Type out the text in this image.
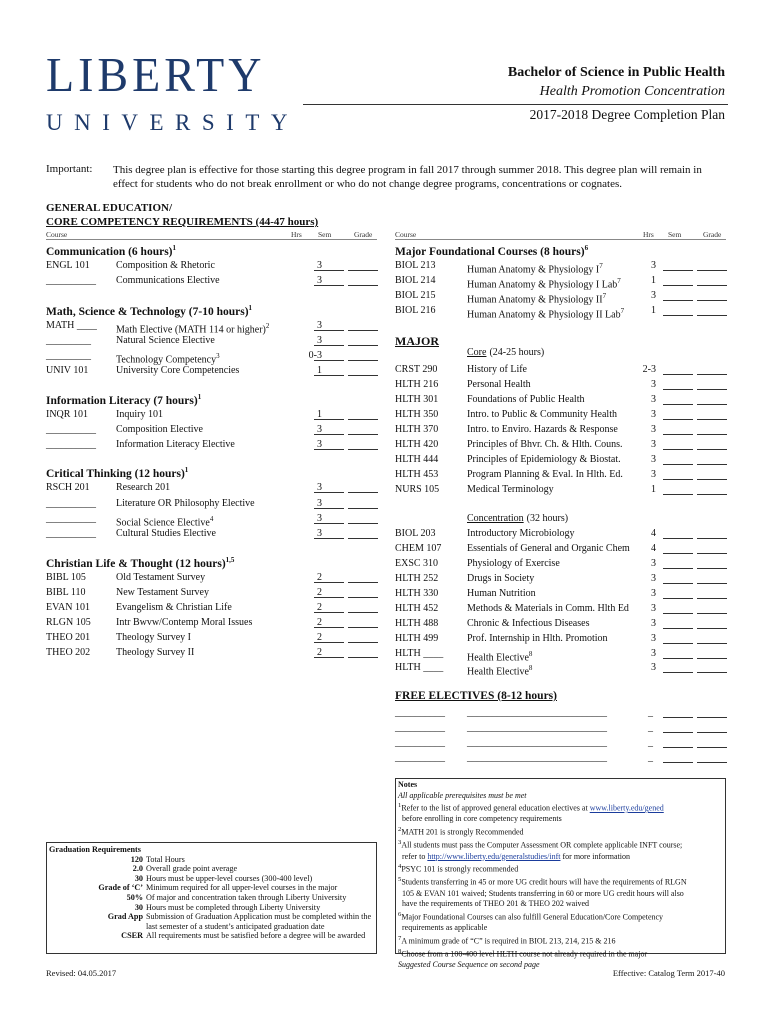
LIBERTY
UNIVERSITY
Bachelor of Science in Public Health
Health Promotion Concentration
2017-2018 Degree Completion Plan
Important: This degree plan is effective for those starting this degree program in fall 2017 through summer 2018. This degree plan will remain in effect for students who do not break enrollment or who do not change degree programs, concentrations or cognates.
GENERAL EDUCATION/
CORE COMPETENCY REQUIREMENTS (44-47 hours)
Course	Hrs Sem	Grade	Course	Hrs Sem	Grade
Communication (6 hours)$^1$
ENGL 101	Composition & Rhetoric	3
__________ Communications Elective	3
Math, Science & Technology (7-10 hours)$^1$
MATH ____ Math Elective (MATH 114 or higher)$^2$	3
_________	Natural Science Elective	3
_________	Technology Competency$^3$	0-3
UNIV 101	University Core Competencies	1
Information Literacy (7 hours)$^1$
INQR 101	Inquiry 101	1
__________ Composition Elective	3
__________ Information Literacy Elective	3
Critical Thinking (12 hours)$^1$
RSCH 201	Research 201	3
__________ Literature OR Philosophy Elective	3
__________ Social Science Elective$^4$	3
__________ Cultural Studies Elective	3
Christian Life & Thought (12 hours)$^{1,5}$
BIBL 105	Old Testament Survey	2
BIBL 110	New Testament Survey	2
EVAN 101	Evangelism & Christian Life	2
RLGN 105	Intr Bwvw/Contemp Moral Issues	2
THEO 201	Theology Survey I	2
THEO 202	Theology Survey II	2
Major Foundational Courses (8 hours)$^6$
BIOL 213	Human Anatomy & Physiology $I^7$	3
BIOL 214	Human Anatomy & Physiology I Lab$^7$	1
BIOL 215	Human Anatomy & Physiology $II^7$	3
BIOL 216	Human Anatomy & Physiology II Lab$^7$	1
MAJOR
Core (24-25 hours)
CRST 290	History of Life	2-3
HLTH 216	Personal Health	3
HLTH 301	Foundations of Public Health	3
HLTH 350	Intro. to Public & Community Health	3
HLTH 370	Intro. to Enviro. Hazards & Response	3
HLTH 420	Principles of Bhvr. Ch. & Hlth. Couns.	3
HLTH 444	Principles of Epidemiology & Biostat.	3
HLTH 453	Program Planning & Eval. In Hlth. Ed.	3
NURS 105	Medical Terminology	1
Concentration (32 hours)
BIOL 203	Introductory Microbiology	4
CHEM 107	Essentials of General and Organic Chem	4
EXSC 310	Physiology of Exercise	3
HLTH 252	Drugs in Society	3
HLTH 330	Human Nutrition	3
HLTH 452	Methods & Materials in Comm. Hlth Ed	3
HLTH 488	Chronic & Infectious Diseases	3
HLTH 499	Prof. Internship in Hlth. Promotion	3
HLTH ____ Health Elective$^8$	3
HLTH ____ Health Elective$^8$	3
FREE ELECTIVES (8-12 hours)
__________ ____________________________	_
__________ ____________________________	_
__________ ____________________________	_
__________ ____________________________	_
Graduation Requirements
120 Total Hours
2.0 Overall grade point average
30 Hours must be upper-level courses (300-400 level)
Grade of ‘C’ Minimum required for all upper-level courses in the major
50% Of major and concentration taken through Liberty University
30 Hours must be completed through Liberty University
Grad App Submission of Graduation Application must be completed within the
last semester of a student’s anticipated graduation date
CSER All requirements must be satisfied before a degree will be awarded
Notes
All applicable prerequisites must be met
$^1$Refer to the list of approved general education electives at www.liberty.edu/gened
before enrolling in core competency requirements
$^2$MATH 201 is strongly Recommended
$^3$All students must pass the Computer Assessment OR complete applicable INFT course;
refer to http://www.liberty.edu/generalstudies/inft for more information
$^4$PSYC 101 is strongly recommended
$^5$Students transferring in 45 or more UG credit hours will have the requirements of RLGN
105 & EVAN 101 waived; Students transferring in 60 or more UG credit hours will also
have the requirements of THEO 201 & THEO 202 waived
$^6$Major Foundational Courses can also fulfill General Education/Core Competency
requirements as applicable
$^7$A minimum grade of “C” is required in BIOL 213, 214, 215 & 216
$^8$Choose from a 100-400 level HLTH course not already required in the major
Suggested Course Sequence on second page
Revised: 04.05.2017	Effective: Catalog Term 2017-40
